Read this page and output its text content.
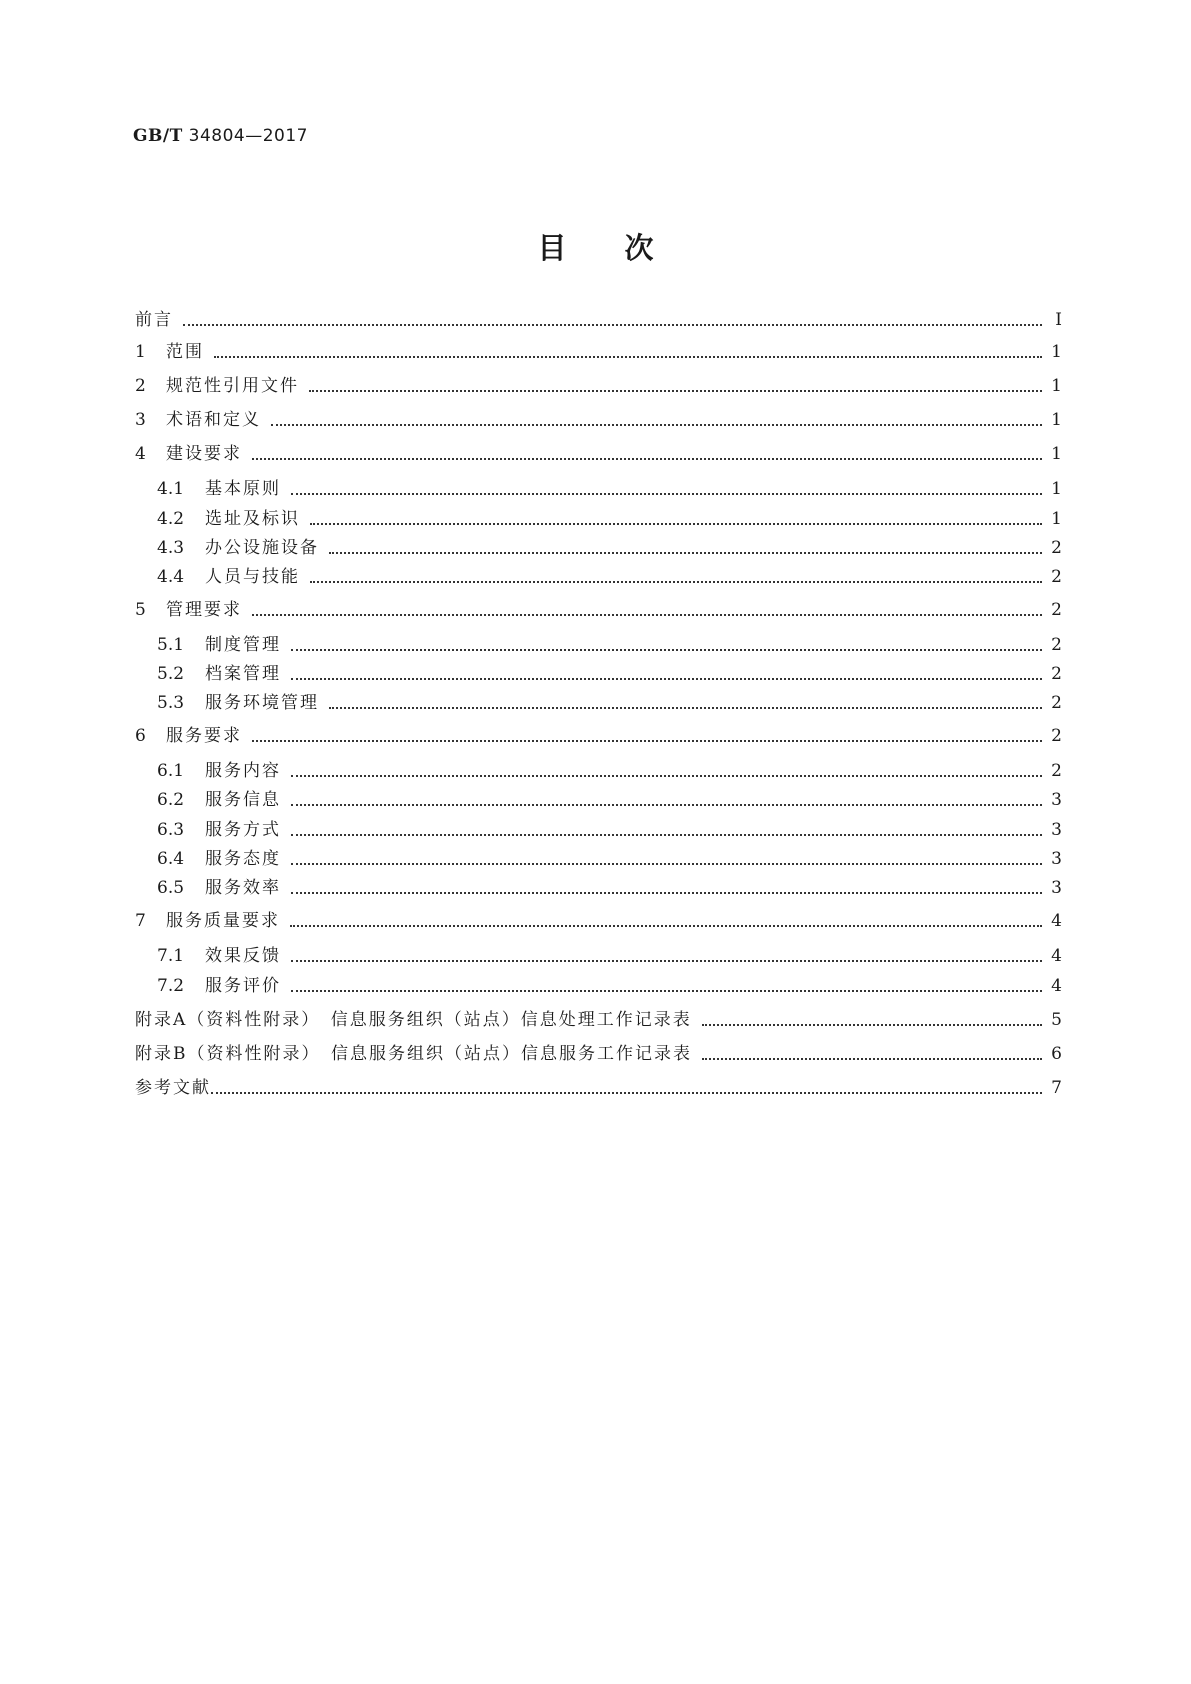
GB/T 34804—2017
目次
前言	Ⅰ
1	范围	1
2	规范性引用文件	1
3	术语和定义	1
4	建设要求	1
4.1	基本原则	1
4.2	选址及标识	1
4.3	办公设施设备	2
4.4	人员与技能	2
5	管理要求	2
5.1	制度管理	2
5.2	档案管理	2
5.3	服务环境管理	2
6	服务要求	2
6.1	服务内容	2
6.2	服务信息	3
6.3	服务方式	3
6.4	服务态度	3
6.5	服务效率	3
7	服务质量要求	4
7.1	效果反馈	4
7.2	服务评价	4
附录A（资料性附录）　信息服务组织（站点）信息处理工作记录表	5
附录B（资料性附录）　信息服务组织（站点）信息服务工作记录表	6
参考文献	7
